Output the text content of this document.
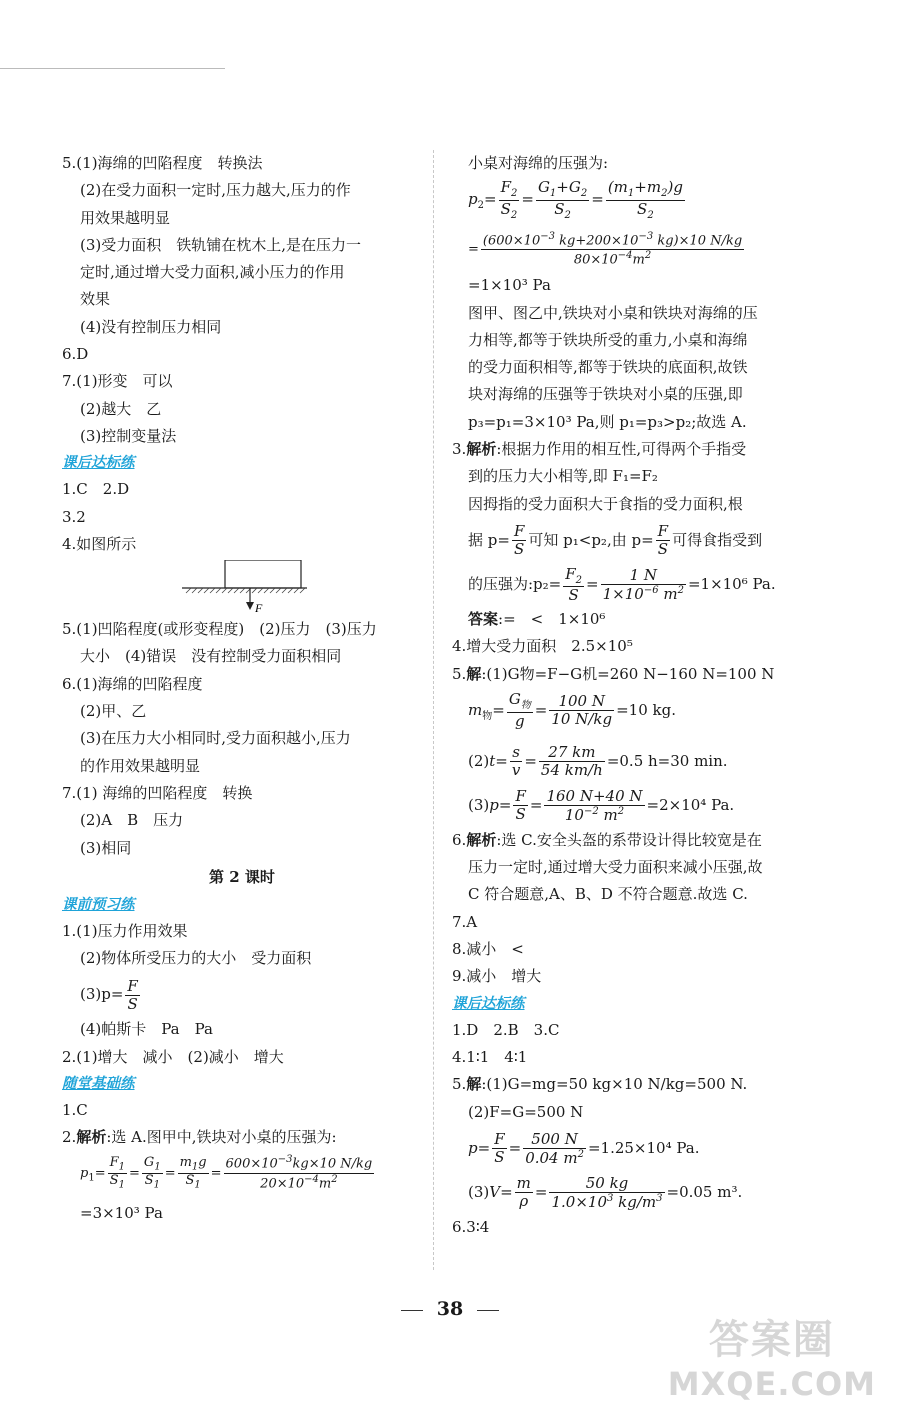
5.(1)海绵的凹陷程度　转换法

(2)在受力面积一定时,压力越大,压力的作

用效果越明显

(3)受力面积　铁轨铺在枕木上,是在压力一

定时,通过增大受力面积,减小压力的作用

效果

(4)没有控制压力相同

6.D

7.(1)形变　可以

(2)越大　乙

(3)控制变量法

课后达标练

1.C　2.D

3.2

4.如图所示

F

5.(1)凹陷程度(或形变程度)　(2)压力　(3)压力

大小　(4)错误　没有控制受力面积相同

6.(1)海绵的凹陷程度

(2)甲、乙

(3)在压力大小相同时,受力面积越小,压力

的作用效果越明显

7.(1) 海绵的凹陷程度　转换

(2)A　B　压力

(3)相同

第 2 课时

课前预习练

1.(1)压力作用效果

(2)物体所受压力的大小　受力面积

$(3)p= \frac{F}{S}$

(4)帕斯卡　Pa　Pa

2.(1)增大　减小　(2)减小　增大

随堂基础练

1.C

2.解析:选 A.图甲中,铁块对小桌的压强为:

$p_1= \frac{F_1}{S_1} = \frac{G_1}{S_1} = \frac{m_1g}{S_1} = \frac{600\times 10^{-3}kg\times 10 N/kg}{20\times 10^{-4}m^2}$

=3×10³ Pa

小桌对海绵的压强为:

$p_2= \frac{F_2}{S_2} = \frac{G_1+G_2}{S_2} = \frac{(m_1+m_2)g}{S_2}$

= $\frac{(600\times 10^{-3} kg+200\times 10^{-3} kg)\times 10 N/kg}{80\times 10^{-4}m^2}$

=1×10³ Pa

图甲、图乙中,铁块对小桌和铁块对海绵的压

力相等,都等于铁块所受的重力,小桌和海绵

的受力面积相等,都等于铁块的底面积,故铁

块对海绵的压强等于铁块对小桌的压强,即

p₃=p₁=3×10³ Pa,则 p₁=p₃>p₂;故选 A.

3.解析:根据力作用的相互性,可得两个手指受

到的压力大小相等,即 F₁=F₂

因拇指的受力面积大于食指的受力面积,根

据 $p= \frac{F}{S}$ 可知 p₁<p₂,由 $p= \frac{F}{S}$ 可得食指受到

的压强为:p₂= $\frac{F_2}{S} = \frac{1 N}{1\times 10^{-6} m^2} =1\times 10^6$ Pa.

答案:=　<　1×10⁶

4.增大受力面积　2.5×10⁵

5.解:(1)G物=F−G机=260 N−160 N=100 N

$m_物= \frac{G_物}{g} = \frac{100 N}{10 N/kg} =10$ kg.

$(2)t= \frac{s}{v} = \frac{27 km}{54 km/h} =0.5$ h=30 min.

$(3)p= \frac{F}{S} = \frac{160 N+40 N}{10^{-2} m^2} =2\times 10^4$ Pa.

6.解析:选 C.安全头盔的系带设计得比较宽是在

压力一定时,通过增大受力面积来减小压强,故

C 符合题意,A、B、D 不符合题意.故选 C.

7.A

8.减小　<

9.减小　增大

课后达标练

1.D　2.B　3.C

4.1∶1　4∶1

5.解:(1)G=mg=50 kg×10 N/kg=500 N.

(2)F=G=500 N

$p= \frac{F}{S} = \frac{500 N}{0.04 m^2} =1.25\times 10^4$ Pa.

$(3)V= \frac{m}{\rho} = \frac{50 kg}{1.0\times 10^3 kg/m^3} =0.05$ m³.

6.3∶4

38
答案圈
MXQE.COM
